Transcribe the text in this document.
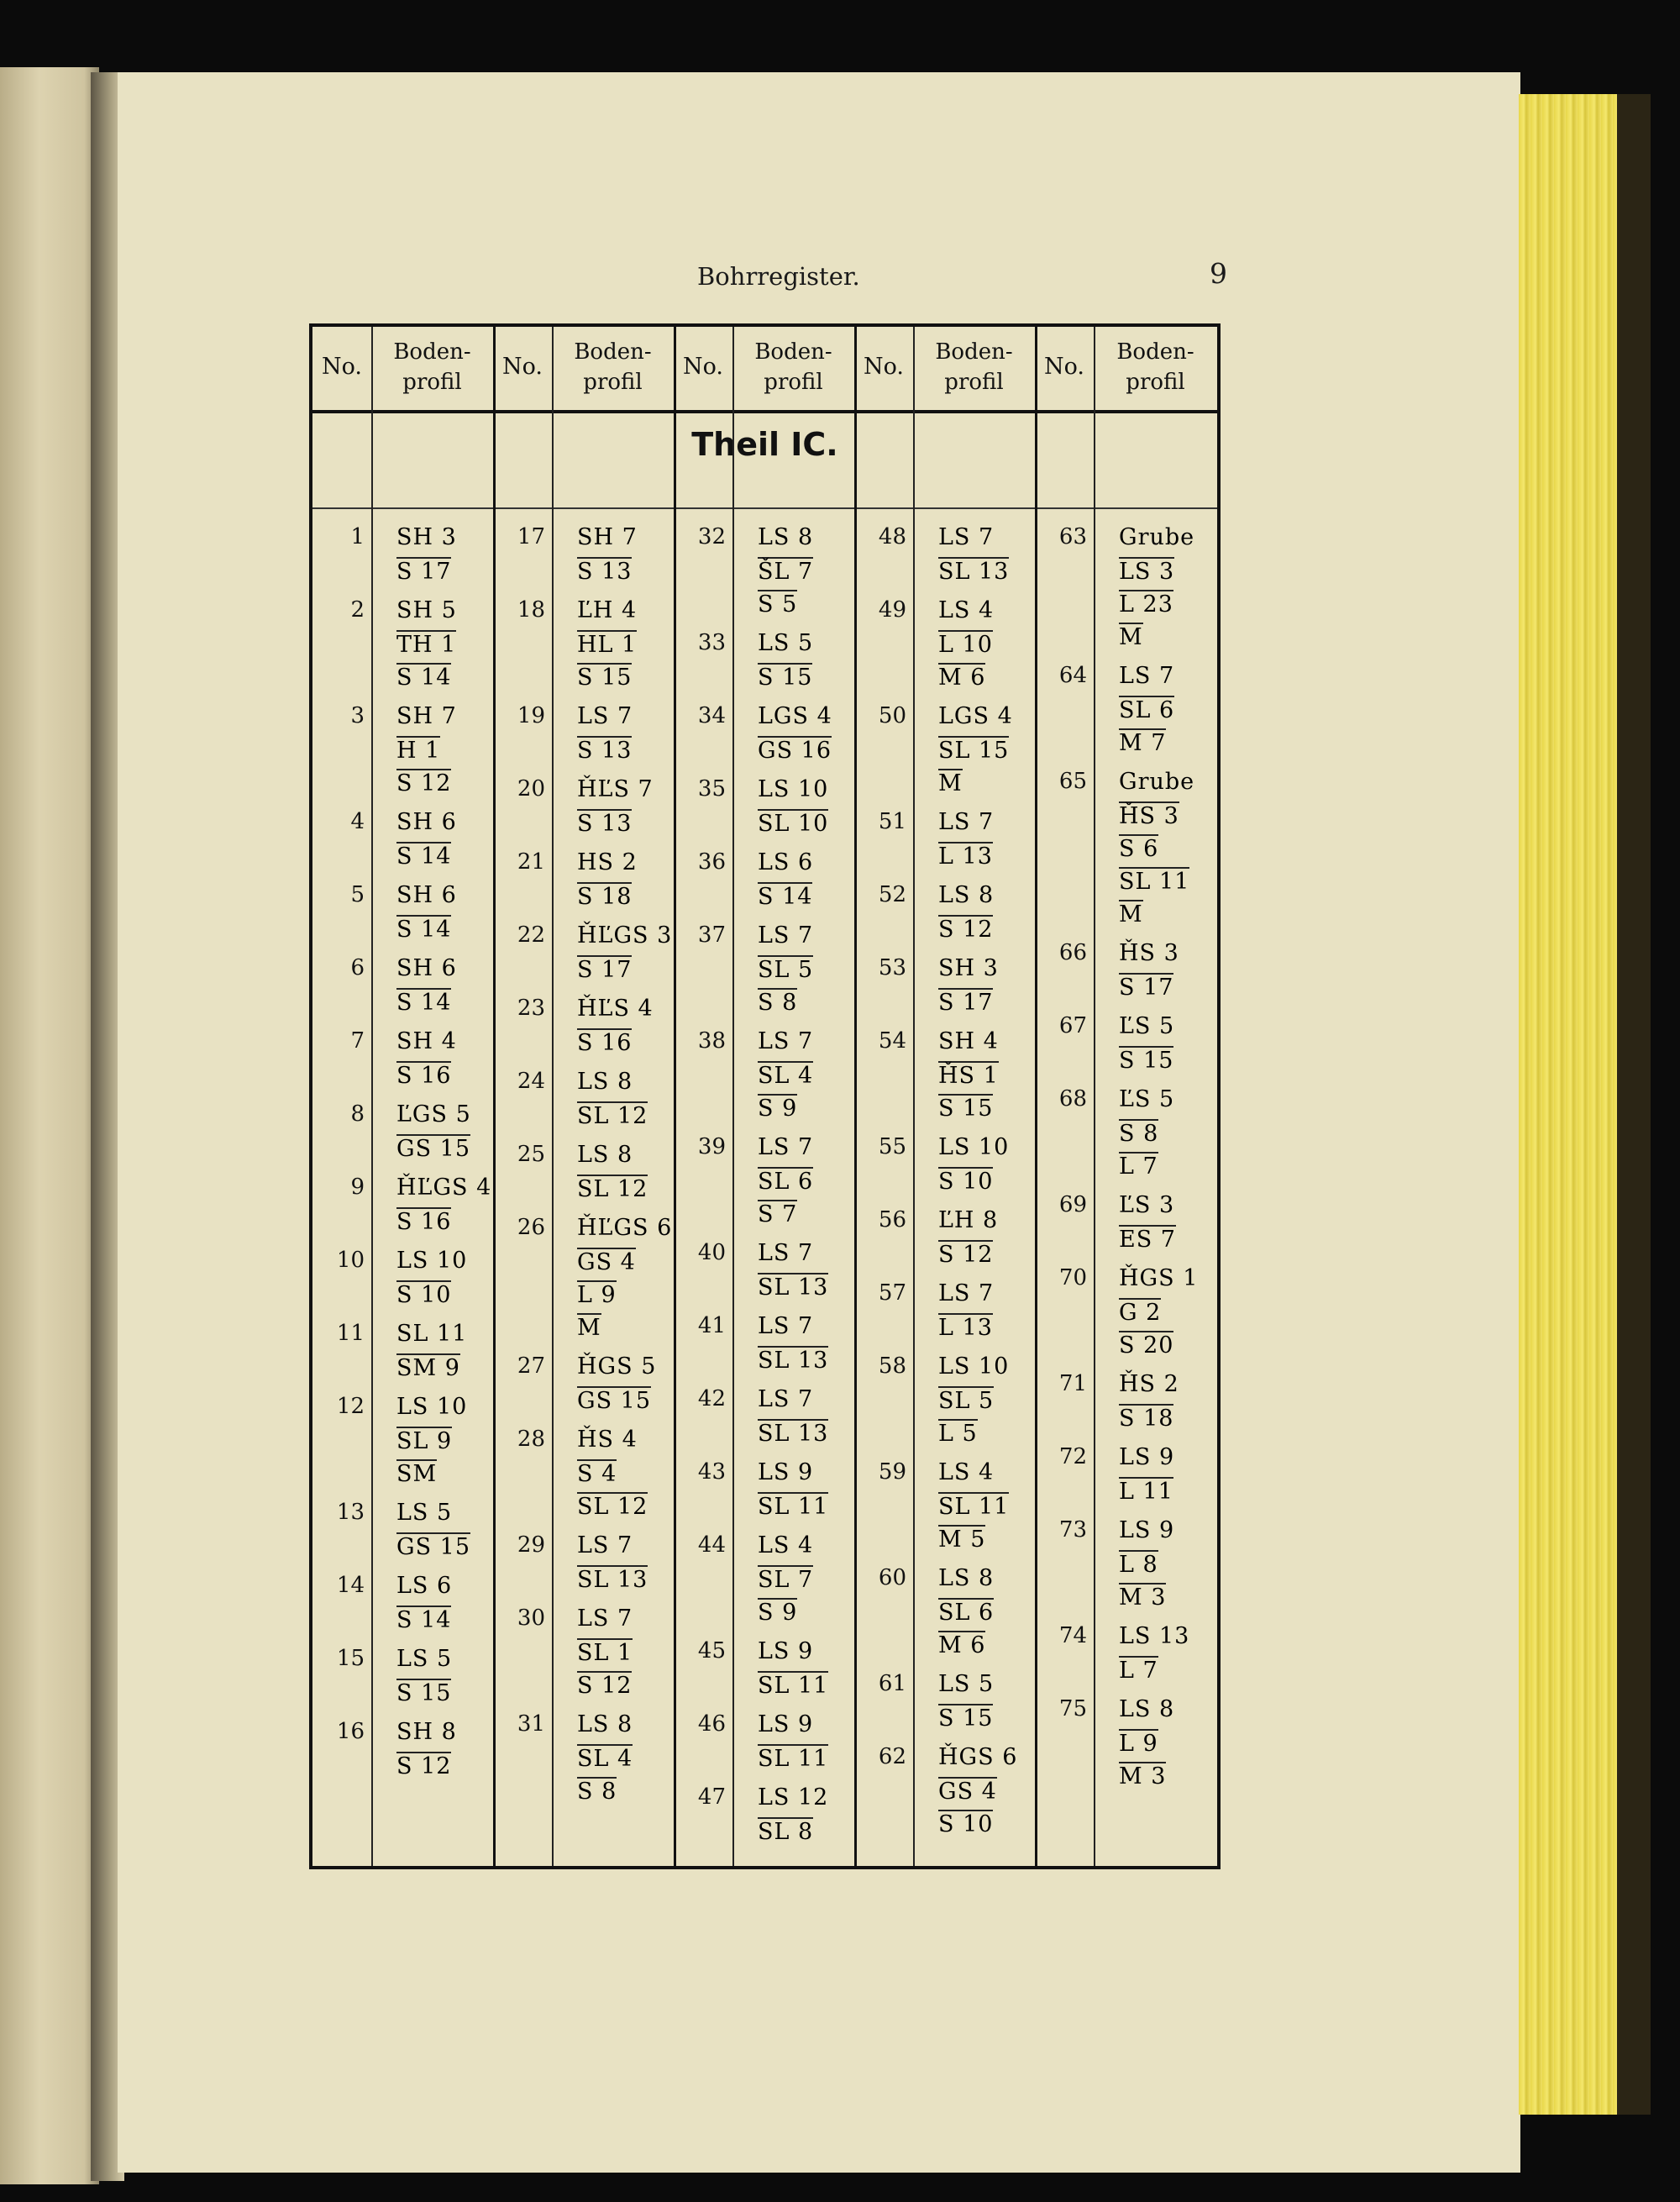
Bohrregister.	9
Theil IC.
No.
Boden-
profil
No.
Boden-
profil
No.
Boden-
profil
No.
Boden-
profil
No.
Boden-
profil
1 SH 3
S 17
2 SH 5
TH 1
S 14
3 SH 7
H 1
S 12
4 SH 6
S 14
5 SH 6
S 14
6 SH 6
S 14
7 SH 4
S 16
8 ĽGS 5
GS 15
9 ȞĽGS 4
S 16
10 LS 10
S 10
11 SL 11
SM 9
12 LS 10
SL 9
SM
13 LS 5
GS 15
14 LS 6
S 14
15 LS 5
S 15
16 SH 8
S 12
17 SH 7
S 13
18 ĽH 4
HL 1
S 15
19 LS 7
S 13
20 ȞĽS 7
S 13
21 HS 2
S 18
22 ȞĽGS 3
S 17
23 ȞĽS 4
S 16
24 LS 8
SL 12
25 LS 8
SL 12
26 ȞĽGS 6
GS 4
L 9
M
27 ȞGS 5
GS 15
28 ȞS 4
S 4
SL 12
29 LS 7
SL 13
30 LS 7
SL 1
S 12
31 LS 8
SL 4
S 8
32 LS 8
ŠL 7
S 5
33 LS 5
S 15
34 LGS 4
GS 16
35 LS 10
SL 10
36 LS 6
S 14
37 LS 7
SL 5
S 8
38 LS 7
SL 4
S 9
39 LS 7
SL 6
S 7
40 LS 7
SL 13
41 LS 7
SL 13
42 LS 7
SL 13
43 LS 9
SL 11
44 LS 4
SL 7
S 9
45 LS 9
SL 11
46 LS 9
SL 11
47 LS 12
SL 8
48 LS 7
SL 13
49 LS 4
L 10
M 6
50 LGS 4
SL 15
M
51 LS 7
L 13
52 LS 8
S 12
53 SH 3
S 17
54 SH 4
ȞS 1
S 15
55 LS 10
S 10
56 ĽH 8
S 12
57 LS 7
L 13
58 LS 10
SL 5
L 5
59 LS 4
SL 11
M 5
60 LS 8
SL 6
M 6
61 LS 5
S 15
62 ȞGS 6
GS 4
S 10
63 Grube
LS 3
L 23
M
64 LS 7
SL 6
M 7
65 Grube
ȞS 3
S 6
SL 11
M
66 ȞS 3
S 17
67 ĽS 5
S 15
68 ĽS 5
S 8
L 7
69 ĽS 3
ES 7
70 ȞGS 1
G 2
S 20
71 ȞS 2
S 18
72 LS 9
L 11
73 LS 9
L 8
M 3
74 LS 13
L 7
75 LS 8
L 9
M 3
